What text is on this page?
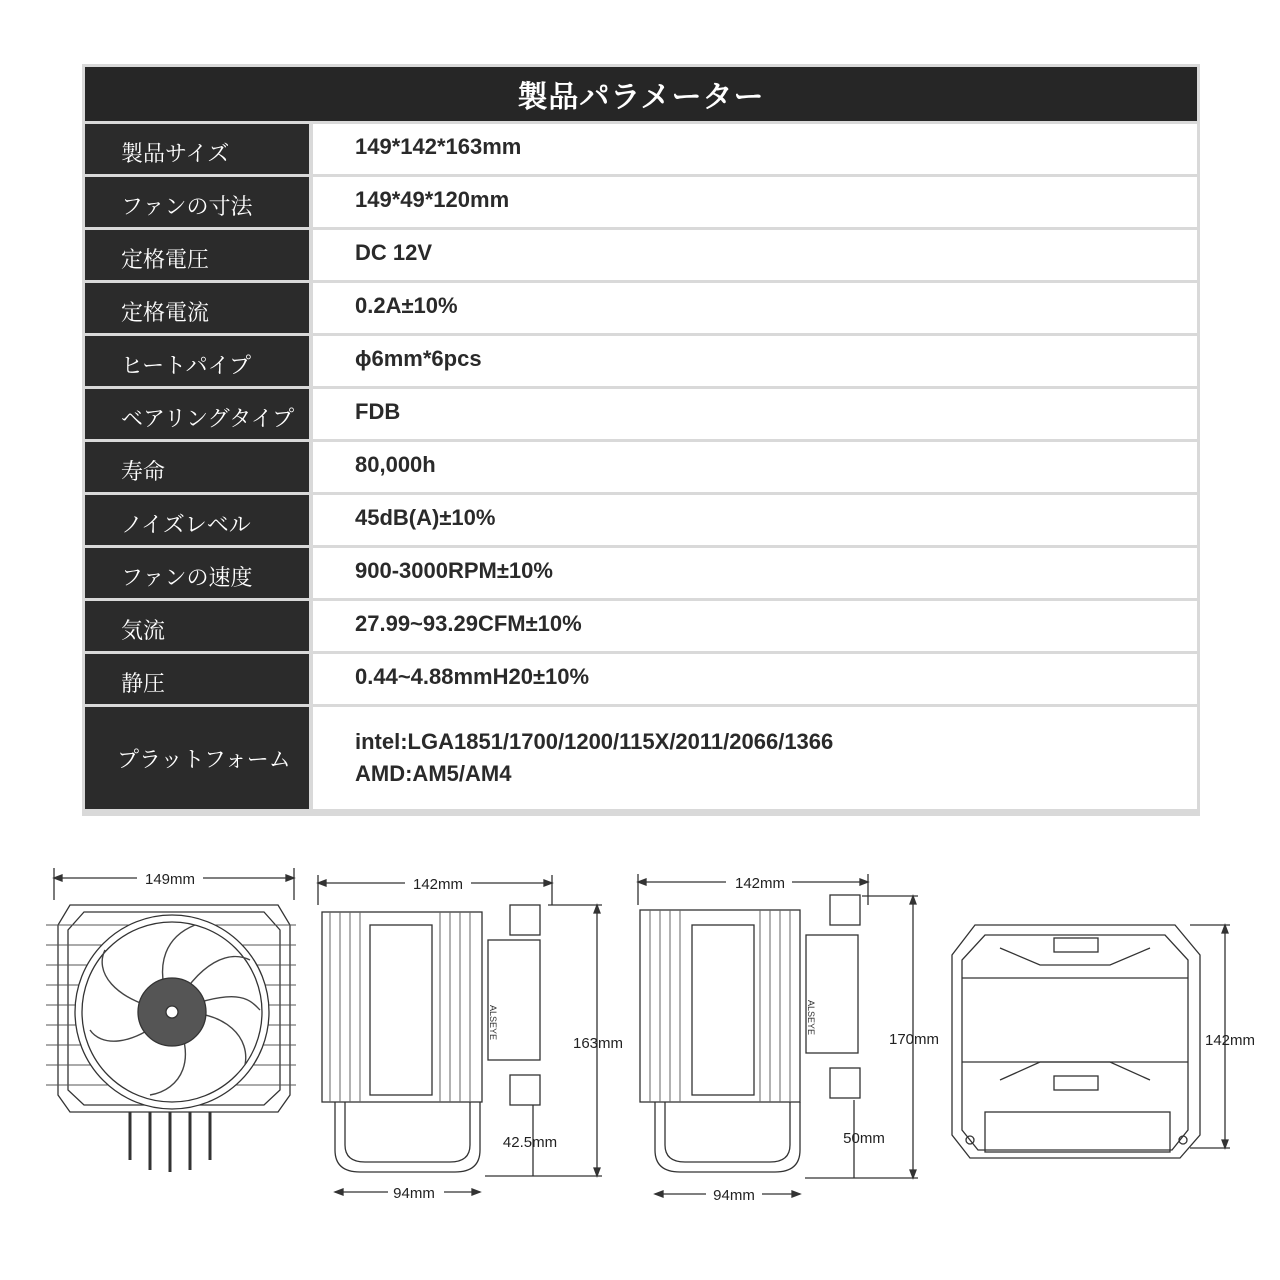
製品パラメーター
製品サイズ	149*142*163mm
ファンの寸法	149*49*120mm
定格電圧	DC 12V
定格電流	0.2A±10%
ヒートパイプ	ɸ6mm*6pcs
ベアリングタイプ	FDB
寿命	80,000h
ノイズレベル	45dB(A)±10%
ファンの速度	900-3000RPM±10%
気流	27.99~93.29CFM±10%
静圧	0.44~4.88mmH20±10%
プラットフォーム
intel:LGA1851/1700/1200/115X/2011/2066/1366
AMD:AM5/AM4
149mm	142mm
ALSEYE
163mm
42.5mm
94mm
142mm
ALSEYE
170mm
50mm
94mm
142mm
